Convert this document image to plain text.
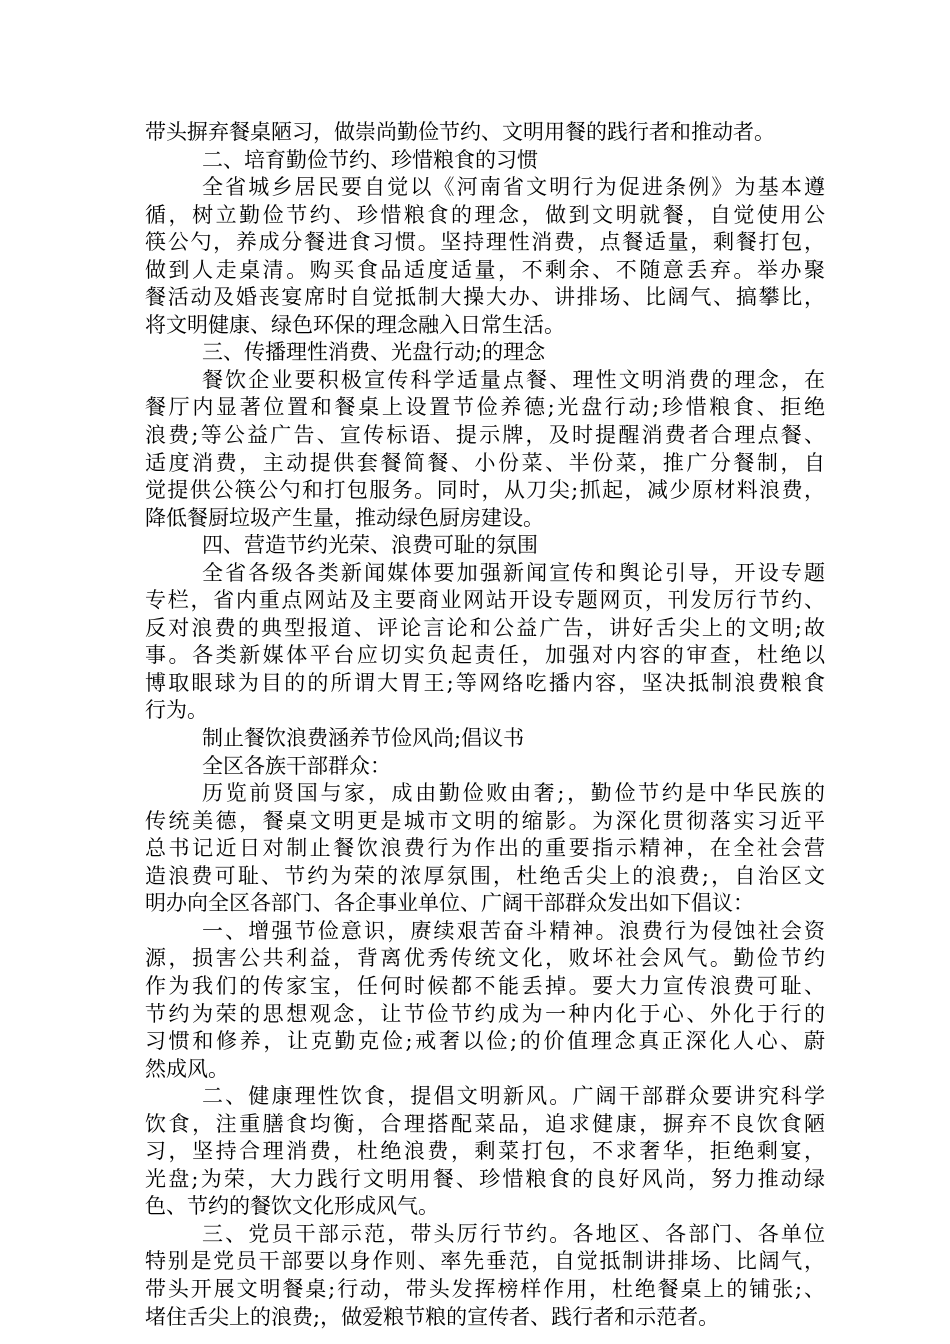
带头摒弃餐桌陋习，做崇尚勤俭节约、文明用餐的践行者和推动者。
二、培育勤俭节约、珍惜粮食的习惯
全省城乡居民要自觉以《河南省文明行为促进条例》为基本遵
循，树立勤俭节约、珍惜粮食的理念，做到文明就餐，自觉使用公
筷公勺，养成分餐进食习惯。坚持理性消费，点餐适量，剩餐打包，
做到人走桌清。购买食品适度适量，不剩余、不随意丢弃。举办聚
餐活动及婚丧宴席时自觉抵制大操大办、讲排场、比阔气、搞攀比，
将文明健康、绿色环保的理念融入日常生活。
三、传播理性消费、光盘行动;的理念
餐饮企业要积极宣传科学适量点餐、理性文明消费的理念，在
餐厅内显著位置和餐桌上设置节俭养德;光盘行动;珍惜粮食、拒绝
浪费;等公益广告、宣传标语、提示牌，及时提醒消费者合理点餐、
适度消费，主动提供套餐简餐、小份菜、半份菜，推广分餐制，自
觉提供公筷公勺和打包服务。同时，从刀尖;抓起，减少原材料浪费，
降低餐厨垃圾产生量，推动绿色厨房建设。
四、营造节约光荣、浪费可耻的氛围
全省各级各类新闻媒体要加强新闻宣传和舆论引导，开设专题
专栏，省内重点网站及主要商业网站开设专题网页，刊发厉行节约、
反对浪费的典型报道、评论言论和公益广告，讲好舌尖上的文明;故
事。各类新媒体平台应切实负起责任，加强对内容的审查，杜绝以
博取眼球为目的的所谓大胃王;等网络吃播内容，坚决抵制浪费粮食
行为。
制止餐饮浪费涵养节俭风尚;倡议书
全区各族干部群众：
历览前贤国与家，成由勤俭败由奢;，勤俭节约是中华民族的
传统美德，餐桌文明更是城市文明的缩影。为深化贯彻落实习近平
总书记近日对制止餐饮浪费行为作出的重要指示精神，在全社会营
造浪费可耻、节约为荣的浓厚氛围，杜绝舌尖上的浪费;，自治区文
明办向全区各部门、各企事业单位、广阔干部群众发出如下倡议：
一、增强节俭意识，赓续艰苦奋斗精神。浪费行为侵蚀社会资
源，损害公共利益，背离优秀传统文化，败坏社会风气。勤俭节约
作为我们的传家宝，任何时候都不能丢掉。要大力宣传浪费可耻、
节约为荣的思想观念，让节俭节约成为一种内化于心、外化于行的
习惯和修养，让克勤克俭;戒奢以俭;的价值理念真正深化人心、蔚
然成风。
二、健康理性饮食，提倡文明新风。广阔干部群众要讲究科学
饮食，注重膳食均衡，合理搭配菜品，追求健康，摒弃不良饮食陋
习，坚持合理消费，杜绝浪费，剩菜打包，不求奢华，拒绝剩宴，
光盘;为荣，大力践行文明用餐、珍惜粮食的良好风尚，努力推动绿
色、节约的餐饮文化形成风气。
三、党员干部示范，带头厉行节约。各地区、各部门、各单位
特别是党员干部要以身作则、率先垂范，自觉抵制讲排场、比阔气，
带头开展文明餐桌;行动，带头发挥榜样作用，杜绝餐桌上的铺张;、
堵住舌尖上的浪费;，做爱粮节粮的宣传者、践行者和示范者。
